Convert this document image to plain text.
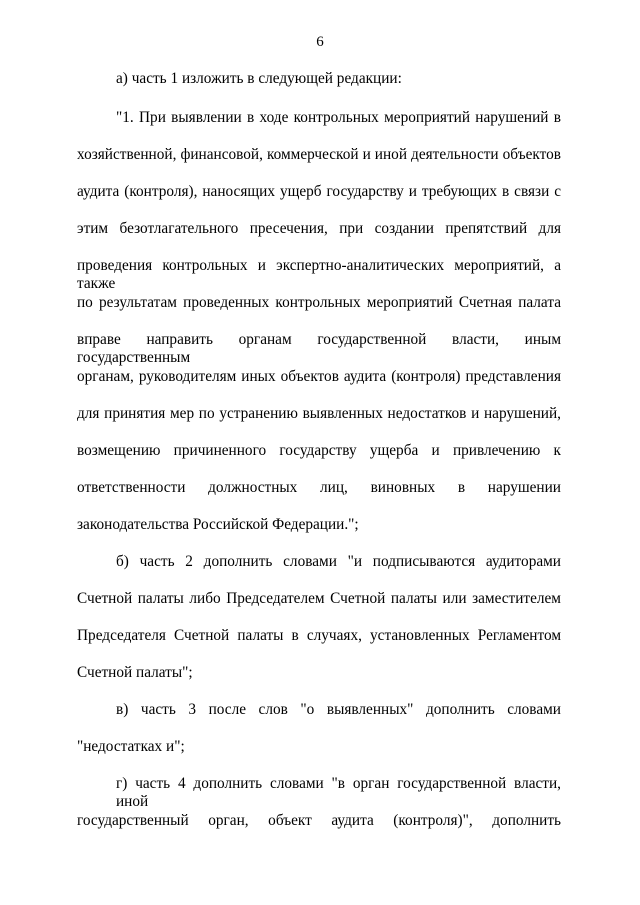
6
а) часть 1 изложить в следующей редакции:
"1. При выявлении в ходе контрольных мероприятий нарушений в
хозяйственной, финансовой, коммерческой и иной деятельности объектов
аудита (контроля), наносящих ущерб государству и требующих в связи с
этим безотлагательного пресечения, при создании препятствий для
проведения контрольных и экспертно-аналитических мероприятий, а также
по результатам проведенных контрольных мероприятий Счетная палата
вправе направить органам государственной власти, иным государственным
органам, руководителям иных объектов аудита (контроля) представления
для принятия мер по устранению выявленных недостатков и нарушений,
возмещению причиненного государству ущерба и привлечению к
ответственности должностных лиц, виновных в нарушении
законодательства Российской Федерации.";
б) часть 2 дополнить словами "и подписываются аудиторами
Счетной палаты либо Председателем Счетной палаты или заместителем
Председателя Счетной палаты в случаях, установленных Регламентом
Счетной палаты";
в) часть 3 после слов "о выявленных" дополнить словами
"недостатках и";
г) часть 4 дополнить словами "в орган государственной власти, иной
государственный орган, объект аудита (контроля)", дополнить
